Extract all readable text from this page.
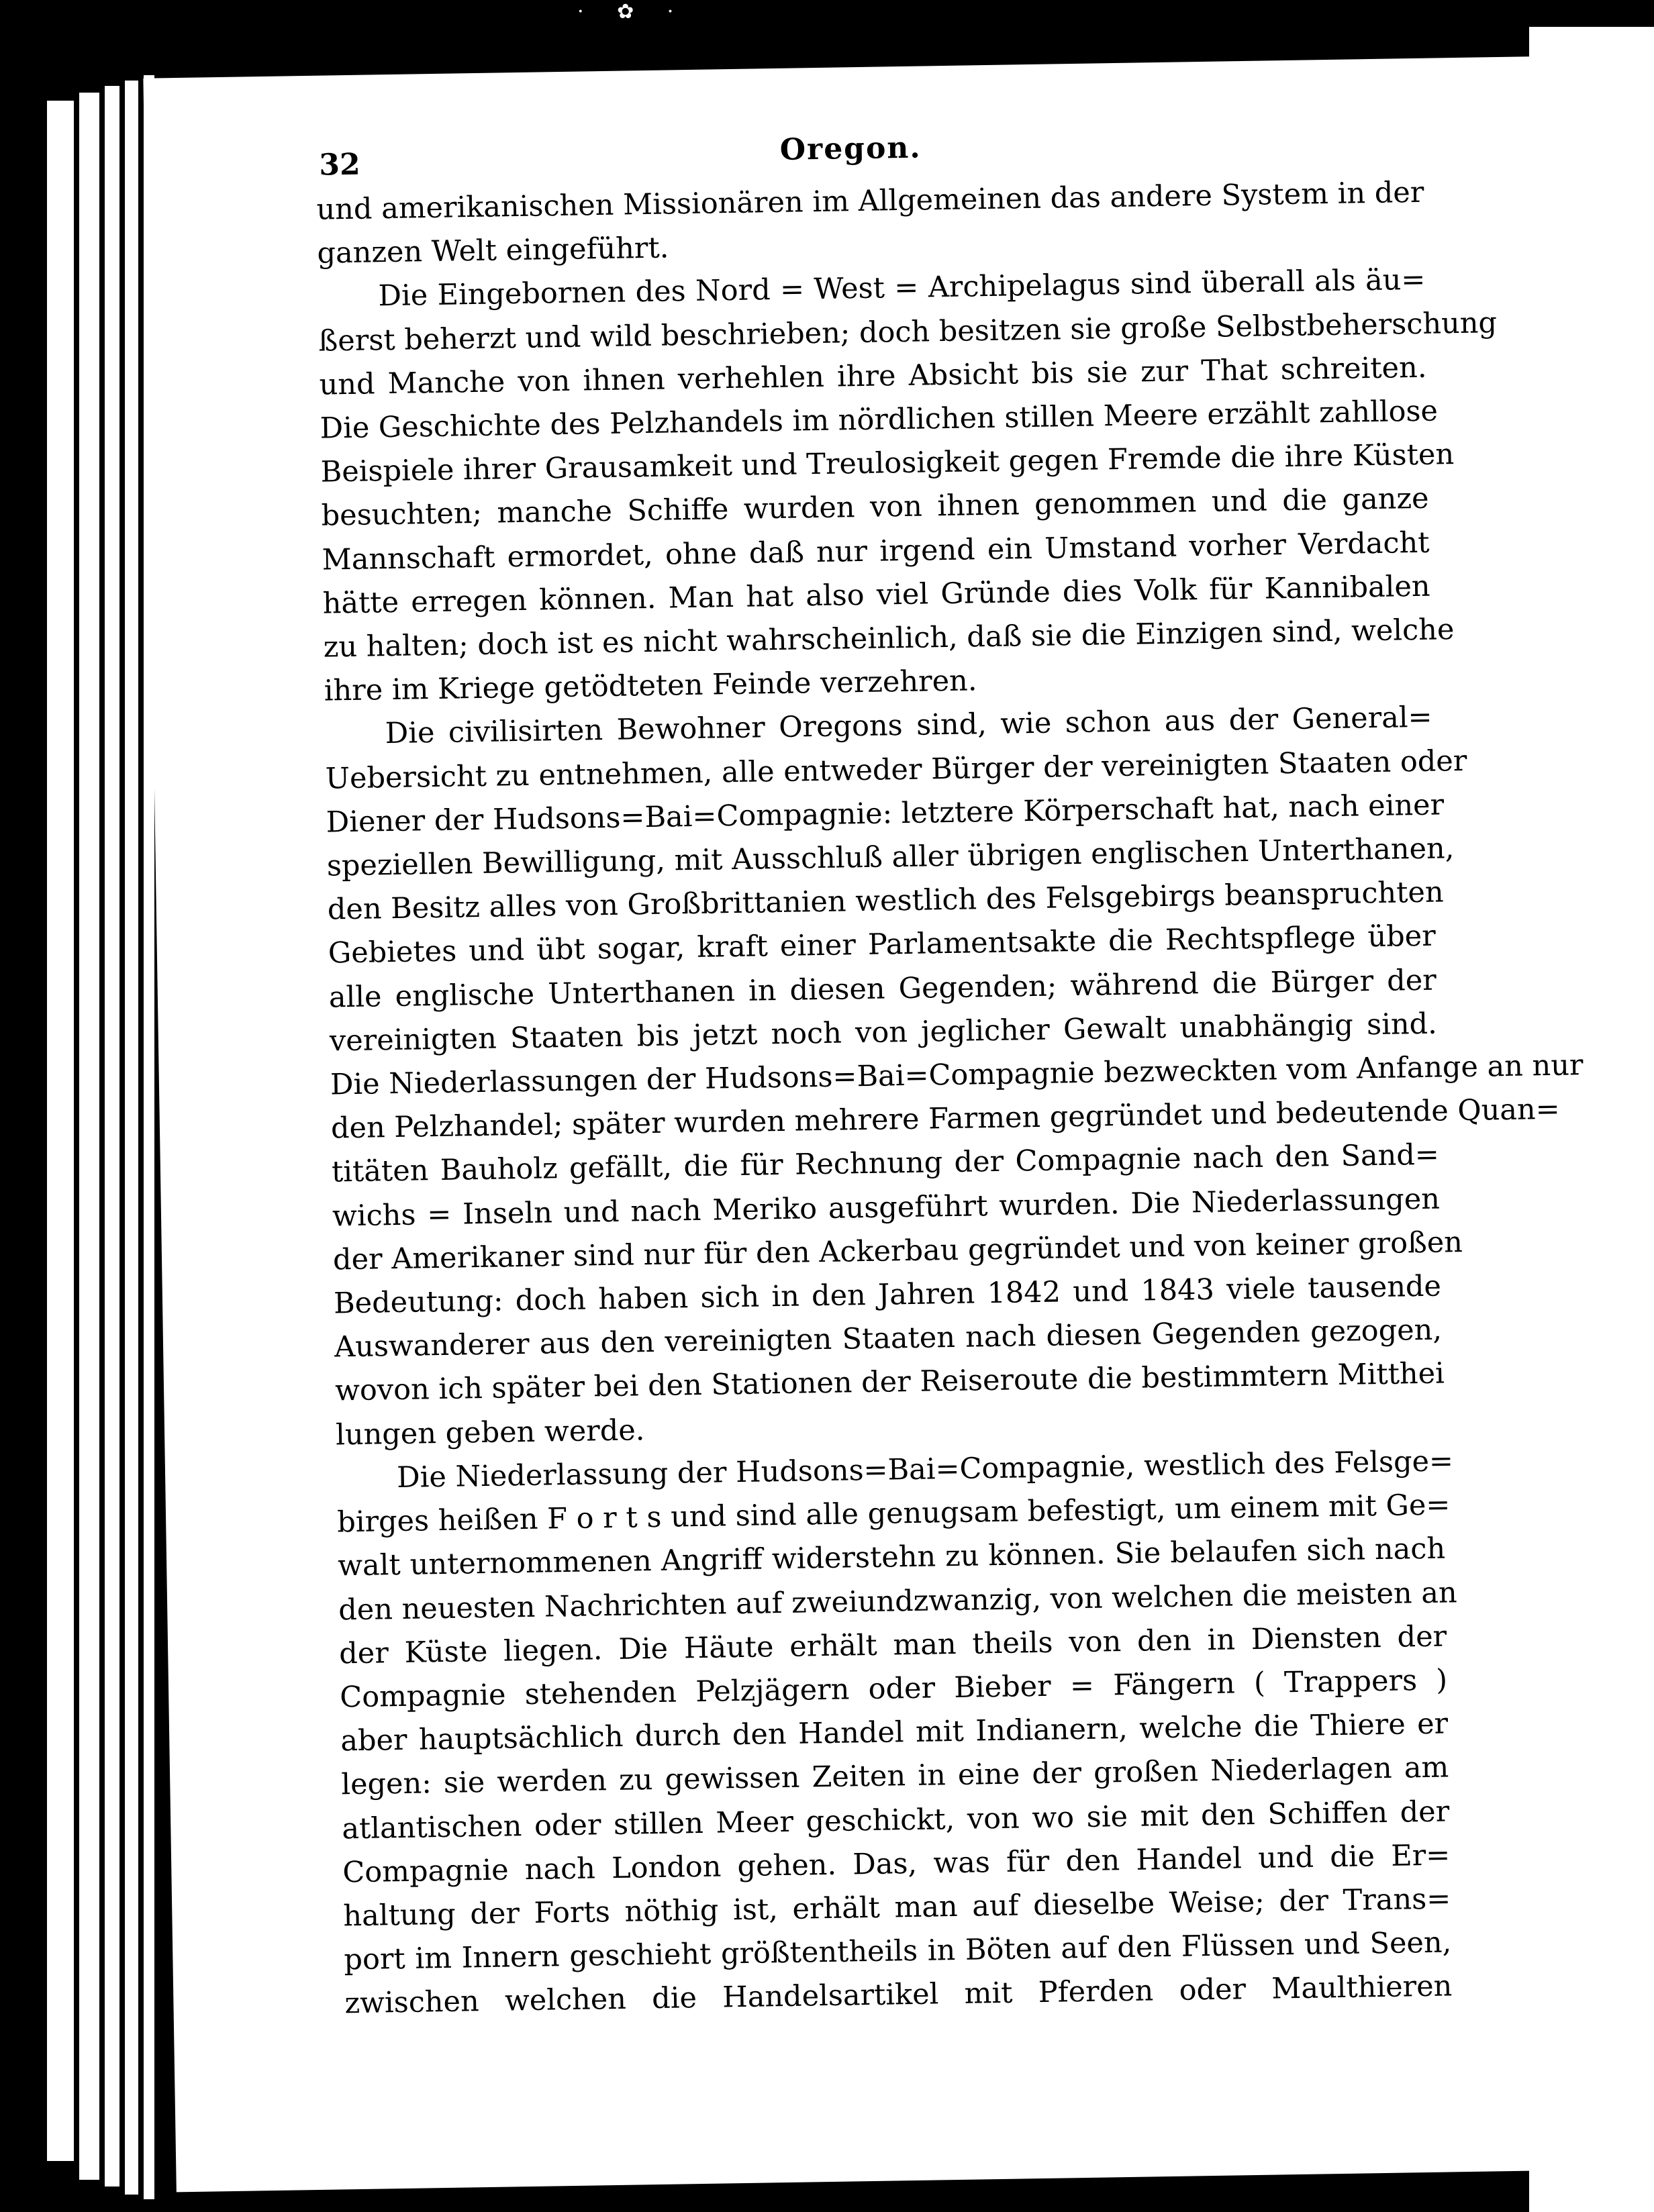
· ✿ ·
32	Oregon.
und amerikanischen Missionären im Allgemeinen das andere System in der
ganzen Welt eingeführt.
Die Eingebornen des Nord = West = Archipelagus sind überall als äu=
ßerst beherzt und wild beschrieben; doch besitzen sie große Selbstbeherschung
und Manche von ihnen verhehlen ihre Absicht bis sie zur That schreiten.
Die Geschichte des Pelzhandels im nördlichen stillen Meere erzählt zahllose
Beispiele ihrer Grausamkeit und Treulosigkeit gegen Fremde die ihre Küsten
besuchten; manche Schiffe wurden von ihnen genommen und die ganze
Mannschaft ermordet, ohne daß nur irgend ein Umstand vorher Verdacht
hätte erregen können. Man hat also viel Gründe dies Volk für Kannibalen
zu halten; doch ist es nicht wahrscheinlich, daß sie die Einzigen sind, welche
ihre im Kriege getödteten Feinde verzehren.
Die civilisirten Bewohner Oregons sind, wie schon aus der General=
Uebersicht zu entnehmen, alle entweder Bürger der vereinigten Staaten oder
Diener der Hudsons=Bai=Compagnie: letztere Körperschaft hat, nach einer
speziellen Bewilligung, mit Ausschluß aller übrigen englischen Unterthanen,
den Besitz alles von Großbrittanien westlich des Felsgebirgs beanspruchten
Gebietes und übt sogar, kraft einer Parlamentsakte die Rechtspflege über
alle englische Unterthanen in diesen Gegenden; während die Bürger der
vereinigten Staaten bis jetzt noch von jeglicher Gewalt unabhängig sind.
Die Niederlassungen der Hudsons=Bai=Compagnie bezweckten vom Anfange an nur
den Pelzhandel; später wurden mehrere Farmen gegründet und bedeutende Quan=
titäten Bauholz gefällt, die für Rechnung der Compagnie nach den Sand=
wichs = Inseln und nach Meriko ausgeführt wurden. Die Niederlassungen
der Amerikaner sind nur für den Ackerbau gegründet und von keiner großen
Bedeutung: doch haben sich in den Jahren 1842 und 1843 viele tausende
Auswanderer aus den vereinigten Staaten nach diesen Gegenden gezogen,
wovon ich später bei den Stationen der Reiseroute die bestimmtern Mitthei
lungen geben werde.
Die Niederlassung der Hudsons=Bai=Compagnie, westlich des Felsge=
birges heißen F o r t s und sind alle genugsam befestigt, um einem mit Ge=
walt unternommenen Angriff widerstehn zu können. Sie belaufen sich nach
den neuesten Nachrichten auf zweiundzwanzig, von welchen die meisten an
der Küste liegen. Die Häute erhält man theils von den in Diensten der
Compagnie stehenden Pelzjägern oder Bieber = Fängern ( Trappers )
aber hauptsächlich durch den Handel mit Indianern, welche die Thiere er
legen: sie werden zu gewissen Zeiten in eine der großen Niederlagen am
atlantischen oder stillen Meer geschickt, von wo sie mit den Schiffen der
Compagnie nach London gehen. Das, was für den Handel und die Er=
haltung der Forts nöthig ist, erhält man auf dieselbe Weise; der Trans=
port im Innern geschieht größtentheils in Böten auf den Flüssen und Seen,
zwischen welchen die Handelsartikel mit Pferden oder Maulthieren
